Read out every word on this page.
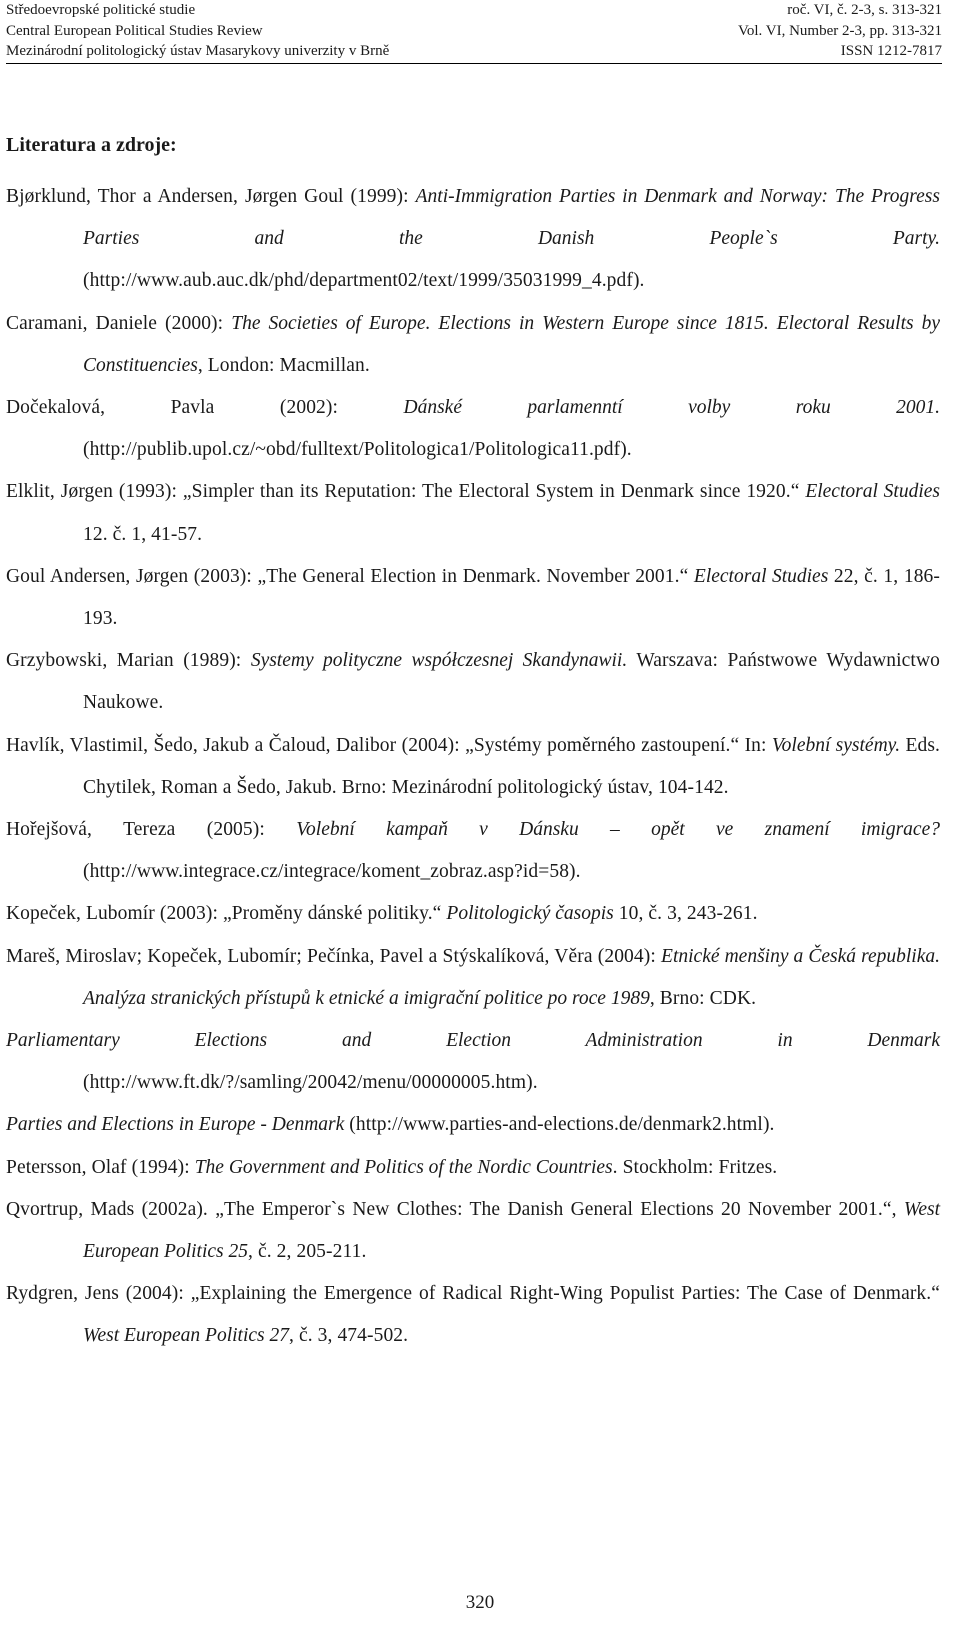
Středoevropské politické studie	roč. VI, č. 2-3, s. 313-321
Central European Political Studies Review	Vol. VI, Number 2-3, pp. 313-321
Mezinárodní politologický ústav Masarykovy univerzity v Brně	ISSN 1212-7817
Literatura a zdroje:

Bjørklund, Thor a Andersen, Jørgen Goul (1999): Anti-Immigration Parties in Denmark and Norway: The Progress Parties and the Danish People`s Party. (http://www.aub.auc.dk/phd/department02/text/1999/35031999_4.pdf).

Caramani, Daniele (2000): The Societies of Europe. Elections in Western Europe since 1815. Electoral Results by Constituencies, London: Macmillan.

Dočekalová, Pavla (2002): Dánské parlamenntí volby roku 2001. (http://publib.upol.cz/~obd/fulltext/Politologica1/Politologica11.pdf).

Elklit, Jørgen (1993): „Simpler than its Reputation: The Electoral System in Denmark since 1920.“ Electoral Studies 12. č. 1, 41-57.

Goul Andersen, Jørgen (2003): „The General Election in Denmark. November 2001.“ Electoral Studies 22, č. 1, 186-193.

Grzybowski, Marian (1989): Systemy polityczne współczesnej Skandynawii. Warszava: Państwowe Wydawnictwo Naukowe.

Havlík, Vlastimil, Šedo, Jakub a Čaloud, Dalibor (2004): „Systémy poměrného zastoupení.“ In: Volební systémy. Eds. Chytilek, Roman a Šedo, Jakub. Brno: Mezinárodní politologický ústav, 104-142.

Hořejšová, Tereza (2005): Volební kampaň v Dánsku – opět ve znamení imigrace? (http://www.integrace.cz/integrace/koment_zobraz.asp?id=58).

Kopeček, Lubomír (2003): „Proměny dánské politiky.“ Politologický časopis 10, č. 3, 243-261.

Mareš, Miroslav; Kopeček, Lubomír; Pečínka, Pavel a Stýskalíková, Věra (2004): Etnické menšiny a Česká republika. Analýza stranických přístupů k etnické a imigrační politice po roce 1989, Brno: CDK.

Parliamentary Elections and Election Administration in Denmark (http://www.ft.dk/?/samling/20042/menu/00000005.htm).

Parties and Elections in Europe - Denmark (http://www.parties-and-elections.de/denmark2.html).

Petersson, Olaf (1994): The Government and Politics of the Nordic Countries. Stockholm: Fritzes.

Qvortrup, Mads (2002a). „The Emperor`s New Clothes: The Danish General Elections 20 November 2001.“, West European Politics 25, č. 2, 205-211.

Rydgren, Jens (2004): „Explaining the Emergence of Radical Right-Wing Populist Parties: The Case of Denmark.“ West European Politics 27, č. 3, 474-502.

320
